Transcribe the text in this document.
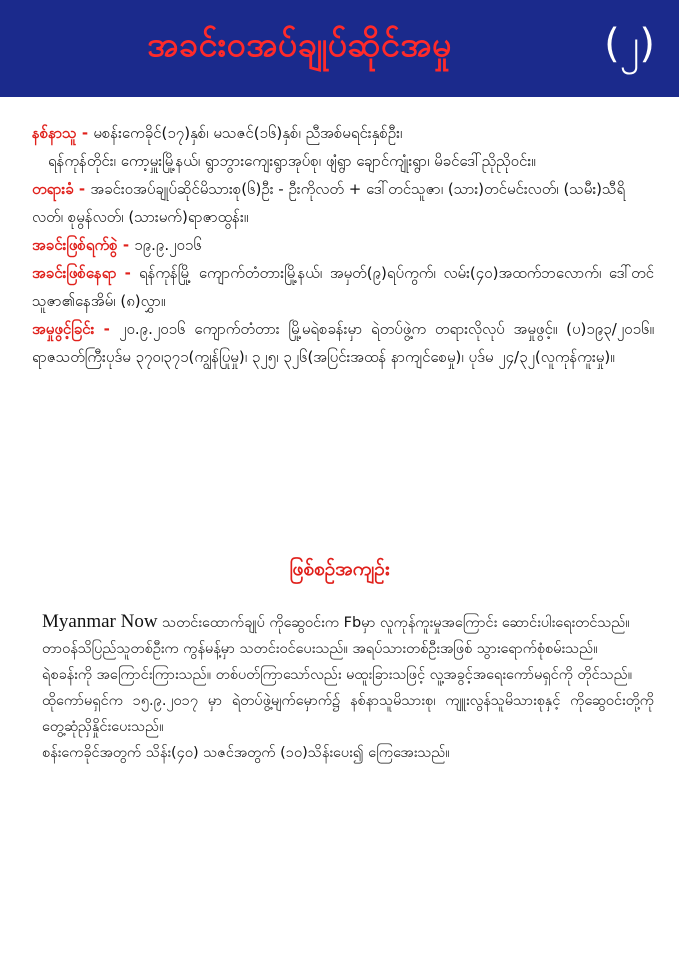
အခင်း၀အပ်ချုပ်ဆိုင်အမှု	(၂)

နစ်နာသူ - မစန်းကေခိုင်(၁၇)နှစ်၊ မသဇင်(၁၆)နှစ်၊ ညီအစ်မရင်းနှစ်ဦး၊

ရန်ကုန်တိုင်း၊ ကော့မှူးမြို့နယ်၊ ရွာဘွားကျေးရွာအုပ်စု၊ ဖျံရွာ ချောင်ကျုံးရွာ၊ မိခင်ဒေါ်ညိုညိုဝင်း။

တရားခံ - အခင်း၀အပ်ချုပ်ဆိုင်မိသားစု(၆)ဦး - ဦးကိုလတ် + ဒေါ်တင်သူဇာ၊ (သား)တင်မင်းလတ်၊ (သမီး)သီရိလတ်၊ စုမွန်လတ်၊ (သားမက်)ရာဇာထွန်း။

အခင်းဖြစ်ရက်စွဲ - ၁၉.၉.၂၀၁၆

အခင်းဖြစ်နေရာ - ရန်ကုန်မြို့ ကျောက်တံတားမြို့နယ်၊ အမှတ်(၉)ရပ်ကွက်၊ လမ်း(၄၀)အထက်ဘလောက်၊ ဒေါ်တင်သူဇာ၏နေအိမ်၊ (၈)လွှာ။

အမှုဖွင့်ခြင်း - ၂၀.၉.၂၀၁၆ ကျောက်တံတား မြို့မရဲစခန်းမှာ ရဲတပ်ဖွဲ့က တရားလိုလုပ် အမှုဖွင့်။ (ပ)၁၉၃/၂၀၁၆။ ရာဇသတ်ကြီးပုဒ်မ ၃၇၀၊၃၇၁(ကျွန်ပြုမှု)၊ ၃၂၅၊ ၃၂၆(အပြင်းအထန် နာကျင်စေမှု)၊ ပုဒ်မ ၂၄/၃၂(လူကုန်ကူးမှု)။

ဖြစ်စဉ်အကျဉ်း

Myanmar Now သတင်းထောက်ချုပ် ကိုဆွေဝင်းက Fbမှာ လူကုန်ကူးမှုအကြောင်း ဆောင်းပါးရေးတင်သည်။

တာဝန်သိပြည်သူတစ်ဦးက ကွန်မန့်မှာ သတင်းဝင်ပေးသည်။ အရပ်သားတစ်ဦးအဖြစ် သွားရောက်စုံစမ်းသည်။

ရဲစခန်းကို အကြောင်းကြားသည်။ တစ်ပတ်ကြာသော်လည်း မထူးခြားသဖြင့် လူ့အခွင့်အရေးကော်မရှင်ကို တိုင်သည်။

ထိုကော်မရှင်က ၁၅.၉.၂၀၁၇ မှာ ရဲတပ်ဖွဲ့မျက်မှောက်၌ နစ်နာသူမိသားစု၊ ကျူးလွန်သူမိသားစုနှင့် ကိုဆွေဝင်းတို့ကို တွေ့ဆုံညှိနှိုင်းပေးသည်။

စန်းကေခိုင်အတွက် သိန်း(၄၀) သဇင်အတွက် (၁၀)သိန်းပေး၍ ကြေအေးသည်။
